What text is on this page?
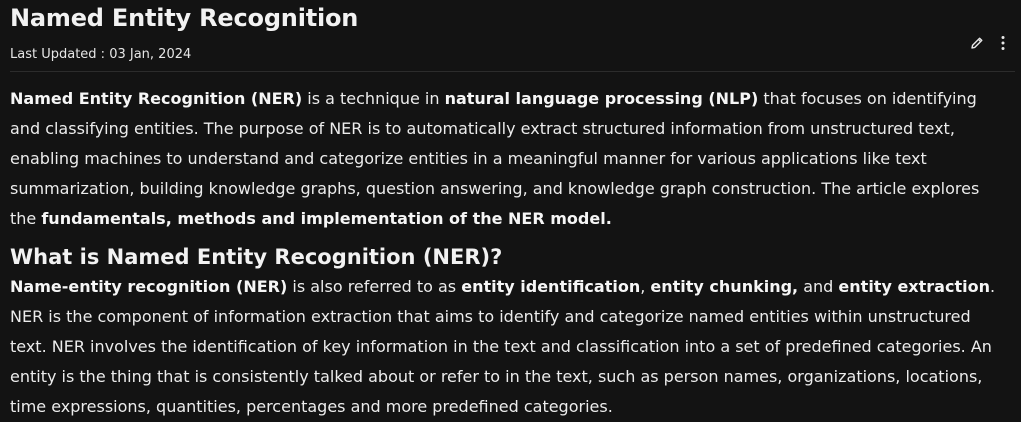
Named Entity Recognition
Last Updated : 03 Jan, 2024

Named Entity Recognition (NER) is a technique in natural language processing (NLP) that focuses on identifying and classifying entities. The purpose of NER is to automatically extract structured information from unstructured text, enabling machines to understand and categorize entities in a meaningful manner for various applications like text summarization, building knowledge graphs, question answering, and knowledge graph construction. The article explores the fundamentals, methods and implementation of the NER model.

What is Named Entity Recognition (NER)?

Name-entity recognition (NER) is also referred to as entity identification, entity chunking, and entity extraction. NER is the component of information extraction that aims to identify and categorize named entities within unstructured text. NER involves the identification of key information in the text and classification into a set of predefined categories. An entity is the thing that is consistently talked about or refer to in the text, such as person names, organizations, locations, time expressions, quantities, percentages and more predefined categories.
